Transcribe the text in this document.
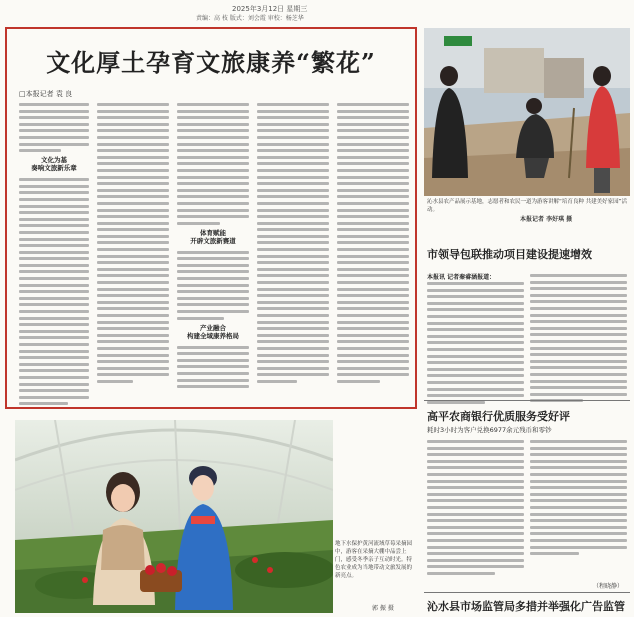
2025年3月12日 星期三
责编：高 枝 版式：刘会霞 审校：杨芝华
文化厚土孕育文旅康养“繁花”
□本报记者 袁 良
文化为基
奏响文旅新乐章
体育赋能
开辟文旅新赛道
产业融合
构建全域康养格局
地下水保护黄河流域草莓采摘园中，游客在采摘大棚中品尝上门，感受冬季亲子互动时光。特色农业成为当地带动文旅发展的新亮点。
郭 振 摄
沁水县农产品展示基地，志愿者和农民一道为游客讲解“培育良种 共建美好家园”活动。
本报记者 李好琪 摄
市领导包联推动项目建设提速增效
本报讯 记者秦睿涵报道：
高平农商银行优质服务受好评
耗时3小时为客户兑换6977余元残币和零钞
（程晓静）
沁水县市场监管局多措并举强化广告监管
